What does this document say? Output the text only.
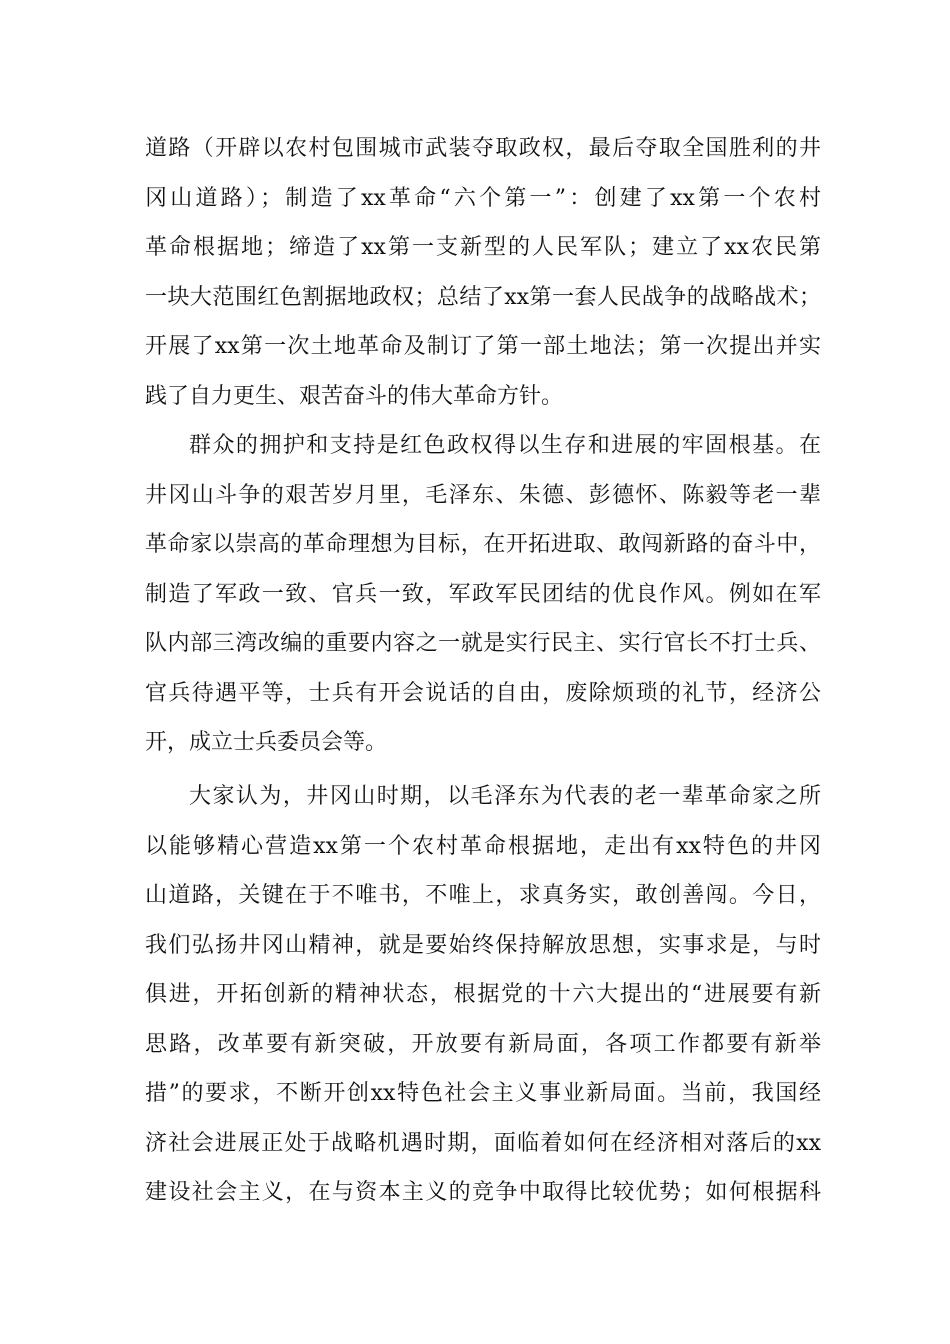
道路（开辟以农村包围城市武装夺取政权，最后夺取全国胜利的井
冈山道路）；制造了xx革命“六个第一”：创建了xx第一个农村
革命根据地；缔造了xx第一支新型的人民军队；建立了xx农民第
一块大范围红色割据地政权；总结了xx第一套人民战争的战略战术；
开展了xx第一次土地革命及制订了第一部土地法；第一次提出并实
践了自力更生、艰苦奋斗的伟大革命方针。
群众的拥护和支持是红色政权得以生存和进展的牢固根基。在
井冈山斗争的艰苦岁月里，毛泽东、朱德、彭德怀、陈毅等老一辈
革命家以崇高的革命理想为目标，在开拓进取、敢闯新路的奋斗中，
制造了军政一致、官兵一致，军政军民团结的优良作风。例如在军
队内部三湾改编的重要内容之一就是实行民主、实行官长不打士兵、
官兵待遇平等，士兵有开会说话的自由，废除烦琐的礼节，经济公
开，成立士兵委员会等。
大家认为，井冈山时期，以毛泽东为代表的老一辈革命家之所
以能够精心营造xx第一个农村革命根据地，走出有xx特色的井冈
山道路，关键在于不唯书，不唯上，求真务实，敢创善闯。今日，
我们弘扬井冈山精神，就是要始终保持解放思想，实事求是，与时
俱进，开拓创新的精神状态，根据党的十六大提出的“进展要有新
思路，改革要有新突破，开放要有新局面，各项工作都要有新举
措”的要求，不断开创xx特色社会主义事业新局面。当前，我国经
济社会进展正处于战略机遇时期，面临着如何在经济相对落后的xx
建设社会主义，在与资本主义的竞争中取得比较优势；如何根据科
